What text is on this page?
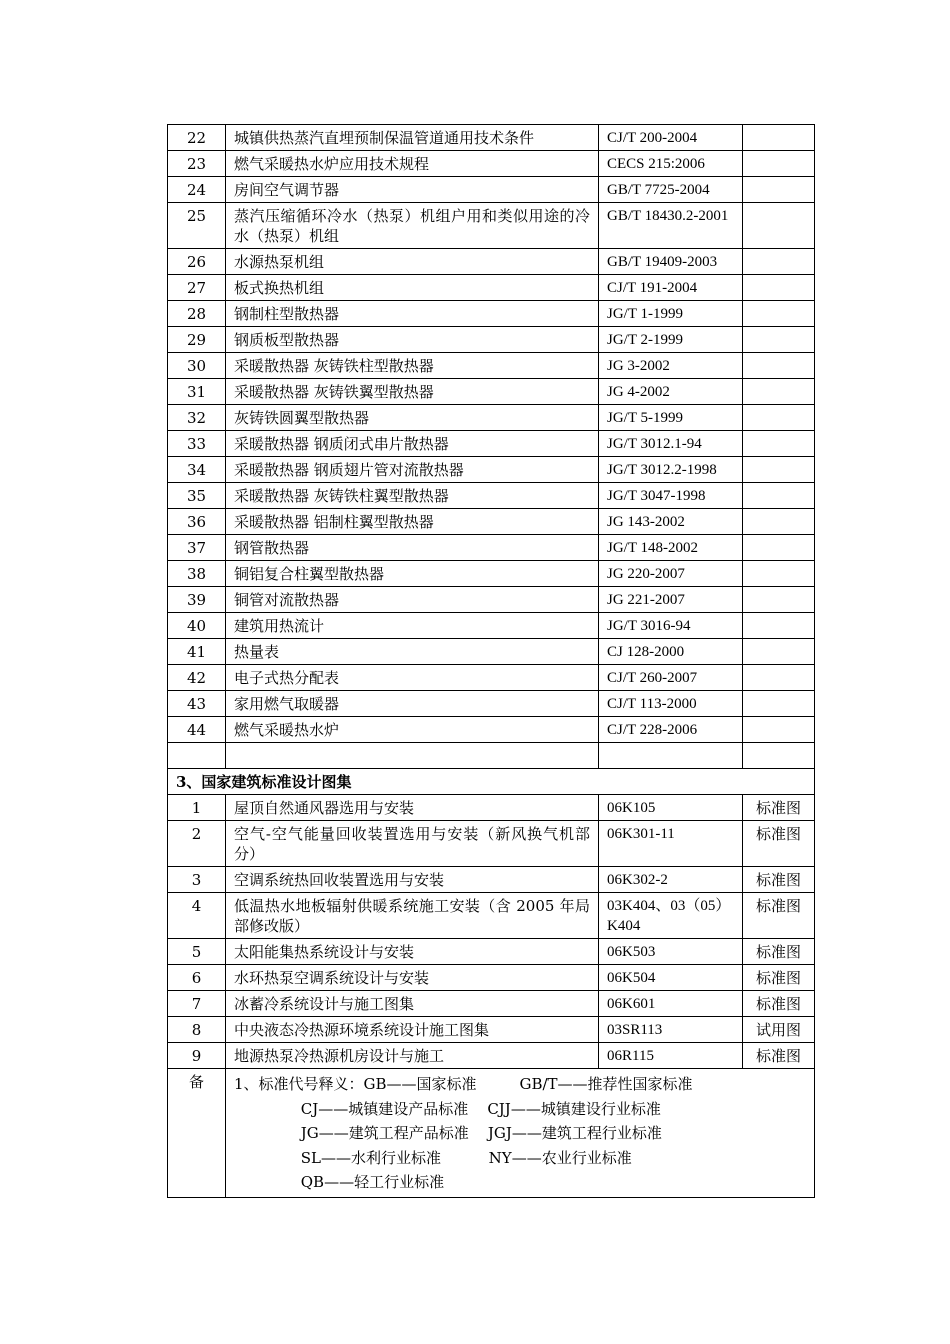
22	城镇供热蒸汽直埋预制保温管道通用技术条件	CJ/T 200-2004	
23	燃气采暖热水炉应用技术规程	CECS 215:2006	
24	房间空气调节器	GB/T 7725-2004	
25	蒸汽压缩循环冷水（热泵）机组户用和类似用途的冷水（热泵）机组	GB/T 18430.2-2001	
26	水源热泵机组	GB/T 19409-2003	
27	板式换热机组	CJ/T 191-2004	
28	钢制柱型散热器	JG/T 1-1999	
29	钢质板型散热器	JG/T 2-1999	
30	采暖散热器 灰铸铁柱型散热器	JG 3-2002	
31	采暖散热器 灰铸铁翼型散热器	JG 4-2002	
32	灰铸铁圆翼型散热器	JG/T 5-1999	
33	采暖散热器 钢质闭式串片散热器	JG/T 3012.1-94	
34	采暖散热器 钢质翅片管对流散热器	JG/T 3012.2-1998	
35	采暖散热器 灰铸铁柱翼型散热器	JG/T 3047-1998	
36	采暖散热器 铝制柱翼型散热器	JG 143-2002	
37	钢管散热器	JG/T 148-2002	
38	铜铝复合柱翼型散热器	JG 220-2007	
39	铜管对流散热器	JG 221-2007	
40	建筑用热流计	JG/T 3016-94	
41	热量表	CJ 128-2000	
42	电子式热分配表	CJ/T 260-2007	
43	家用燃气取暖器	CJ/T 113-2000	
44	燃气采暖热水炉	CJ/T 228-2006	

3、国家建筑标准设计图集			
1	屋顶自然通风器选用与安装	06K105	标准图
2	空气-空气能量回收装置选用与安装（新风换气机部分）	06K301-11	标准图
3	空调系统热回收装置选用与安装	06K302-2	标准图
4	低温热水地板辐射供暖系统施工安装（含 2005 年局部修改版）	03K404、03（05）K404	标准图
5	太阳能集热系统设计与安装	06K503	标准图
6	水环热泵空调系统设计与安装	06K504	标准图
7	冰蓄冷系统设计与施工图集	06K601	标准图
8	中央液态冷热源环境系统设计施工图集	03SR113	试用图
9	地源热泵冷热源机房设计与施工	06R115	标准图
备	1、标准代号释义：GB——国家标准         GB/T——推荐性国家标准
CJ——城镇建设产品标准    CJJ——城镇建设行业标准
JG——建筑工程产品标准    JGJ——建筑工程行业标准
SL——水利行业标准          NY——农业行业标准
QB——轻工行业标准		
